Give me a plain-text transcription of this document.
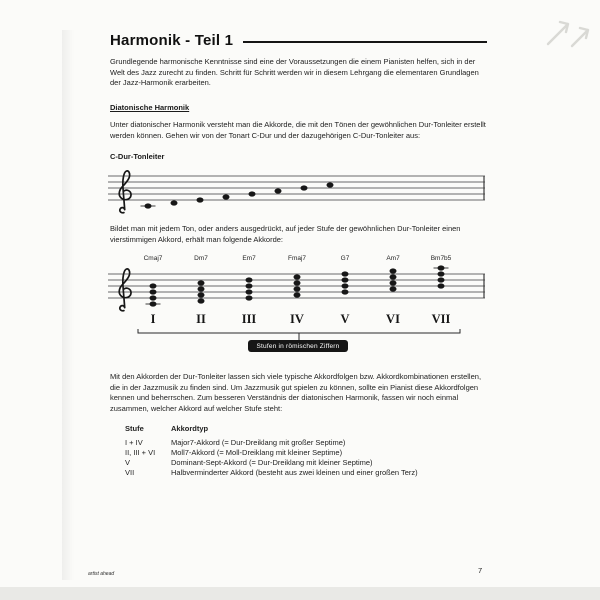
Harmonik - Teil 1
Grundlegende harmonische Kenntnisse sind eine der Voraussetzungen die einem Pianisten helfen, sich in der Welt des Jazz zurecht zu finden. Schritt für Schritt werden wir in diesem Lehrgang die elementaren Grundlagen der Jazz-Harmonik erarbeiten.
Diatonische Harmonik
Unter diatonischer Harmonik versteht man die Akkorde, die mit den Tönen der gewöhnlichen Dur-Tonleiter erstellt werden können. Gehen wir von der Tonart C-Dur und der dazugehörigen C-Dur-Tonleiter aus:
C-Dur-Tonleiter
Bildet man mit jedem Ton, oder anders ausgedrückt, auf jeder Stufe der gewöhnlichen Dur-Tonleiter einen vierstimmigen Akkord, erhält man folgende Akkorde:
Cmaj7	Dm7	Em7	Fmaj7	G7	Am7	Bm7b5
I	II	III	IV	V	VI	VII
Stufen in römischen Ziffern
Mit den Akkorden der Dur-Tonleiter lassen sich viele typische Akkordfolgen bzw. Akkordkombinationen erstellen, die in der Jazzmusik zu finden sind. Um Jazzmusik gut spielen zu können, sollte ein Pianist diese Akkordfolgen kennen und beherrschen. Zum besseren Verständnis der diatonischen Harmonik, fassen wir noch einmal zusammen, welcher Akkord auf welcher Stufe steht:
Stufe	Akkordtyp
I + IV	Major7-Akkord (= Dur-Dreiklang mit großer Septime)
II, III + VI	Moll7-Akkord (= Moll-Dreiklang mit kleiner Septime)
V	Dominant-Sept-Akkord (= Dur-Dreiklang mit kleiner Septime)
VII	Halbverminderter Akkord (besteht aus zwei kleinen und einer großen Terz)
artist ahead	7
